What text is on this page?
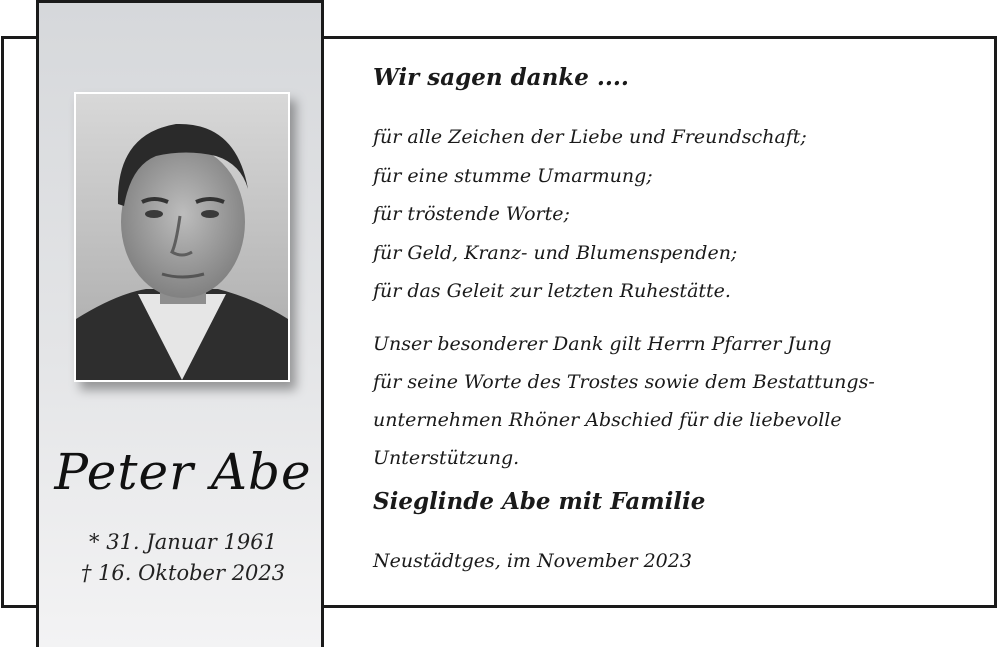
Peter Abe
* 31. Januar 1961
† 16. Oktober 2023
Wir sagen danke ....
für alle Zeichen der Liebe und Freundschaft;
für eine stumme Umarmung;
für tröstende Worte;
für Geld, Kranz- und Blumenspenden;
für das Geleit zur letzten Ruhestätte.
Unser besonderer Dank gilt Herrn Pfarrer Jung
für seine Worte des Trostes sowie dem Bestattungs-
unternehmen Rhöner Abschied für die liebevolle
Unterstützung.
Sieglinde Abe mit Familie
Neustädtges, im November 2023
